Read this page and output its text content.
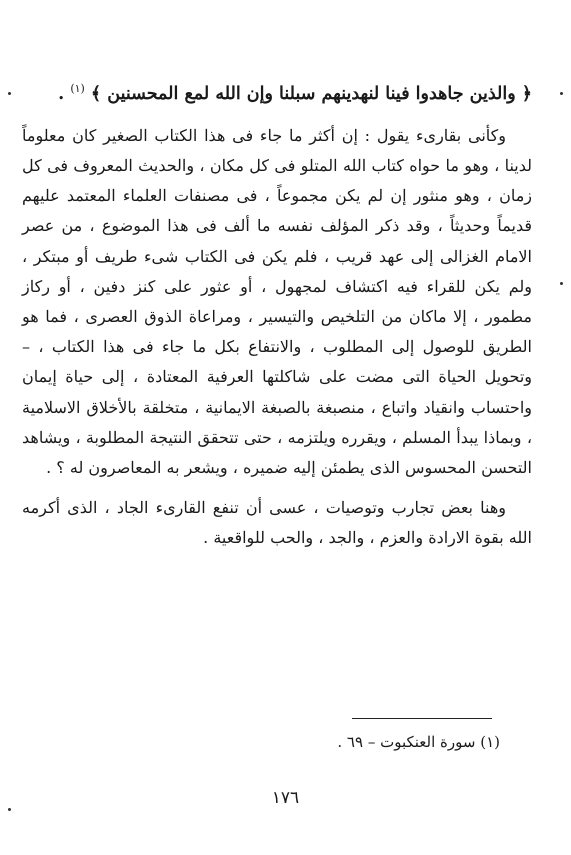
﴿ والذين جاهدوا فينا لنهدينهم سبلنا وإن الله لمع المحسنين ﴾ $^{(١)}$ .

وكأنى بقارىء يقول : إن أكثر ما جاء فى هذا الكتاب الصغير كان معلوماً لدينا ، وهو ما حواه كتاب الله المتلو فى كل مكان ، والحديث المعروف فى كل زمان ، وهو منثور إن لم يكن مجموعاً ، فى مصنفات العلماء المعتمد عليهم قديماً وحديثاً ، وقد ذكر المؤلف نفسه ما ألف فى هذا الموضوع ، من عصر الامام الغزالى إلى عهد قريب ، فلم يكن فى الكتاب شىء طريف أو مبتكر ، ولم يكن للقراء فيه اكتشاف لمجهول ، أو عثور على كنز دفين ، أو ركاز مطمور ، إلا ماكان من التلخيص والتيسير ، ومراعاة الذوق العصرى ، فما هو الطريق للوصول إلى المطلوب ، والانتفاع بكل ما جاء فى هذا الكتاب ، – وتحويل الحياة التى مضت على شاكلتها العرفية المعتادة ، إلى حياة إيمان واحتساب وانقياد واتباع ، منصبغة بالصبغة الايمانية ، متخلقة بالأخلاق الاسلامية ، وبماذا يبدأ المسلم ، ويقرره ويلتزمه ، حتى تتحقق النتيجة المطلوبة ، ويشاهد التحسن المحسوس الذى يطمئن إليه ضميره ، ويشعر به المعاصرون له ؟ .

وهنا بعض تجارب وتوصيات ، عسى أن تنفع القارىء الجاد ، الذى أكرمه الله بقوة الارادة والعزم ، والجد ، والحب للواقعية .

(١) سورة العنكبوت – ٦٩ .
١٧٦
